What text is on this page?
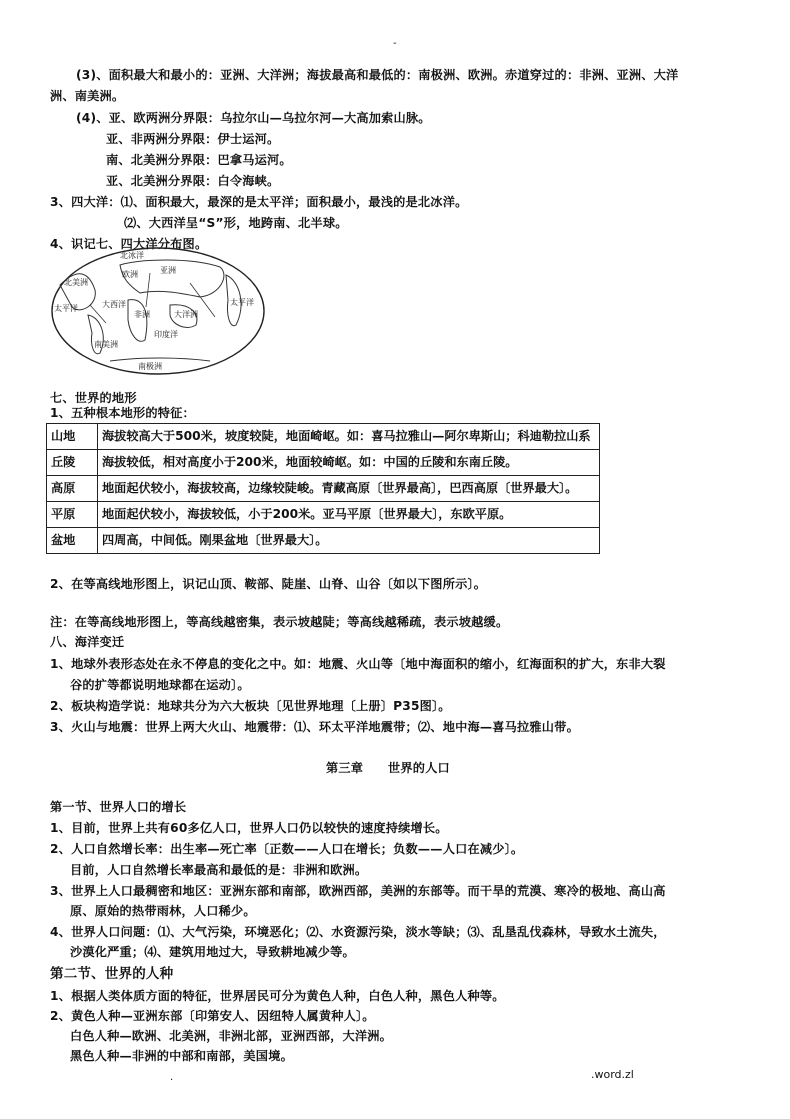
-
(3)、面积最大和最小的：亚洲、大洋洲；海拔最高和最低的：南极洲、欧洲。赤道穿过的：非洲、亚洲、大洋
洲、南美洲。
(4)、亚、欧两洲分界限：乌拉尔山—乌拉尔河—大高加索山脉。
亚、非两洲分界限：伊士运河。
南、北美洲分界限：巴拿马运河。
亚、北美洲分界限：白令海峡。
3、四大洋：⑴、面积最大，最深的是太平洋；面积最小，最浅的是北冰洋。
⑵、大西洋呈“S”形，地跨南、北半球。
4、识记七、四大洋分布图。
北冰洋
亚洲
欧洲
北美洲
南美洲
非洲	大洋洲
太平洋
太平洋
大西洋
印度洋
南极洲
七、世界的地形
1、五种根本地形的特征：
山地	海拔较高大于500米，坡度较陡，地面崎岖。如：喜马拉雅山—阿尔卑斯山；科迪勒拉山系
丘陵	海拔较低，相对高度小于200米，地面较崎岖。如：中国的丘陵和东南丘陵。
高原	地面起伏较小，海拔较高，边缘较陡峻。青藏高原〔世界最高〕，巴西高原〔世界最大〕。
平原	地面起伏较小，海拔较低，小于200米。亚马平原〔世界最大〕，东欧平原。
盆地	四周高，中间低。刚果盆地〔世界最大〕。
2、在等高线地形图上，识记山顶、鞍部、陡崖、山脊、山谷〔如以下图所示〕。
注：在等高线地形图上，等高线越密集，表示坡越陡；等高线越稀疏，表示坡越缓。
八、海洋变迁
1、地球外表形态处在永不停息的变化之中。如：地震、火山等〔地中海面积的缩小，红海面积的扩大，东非大裂
谷的扩等都说明地球都在运动〕。
2、板块构造学说：地球共分为六大板块〔见世界地理〔上册〕P35图〕。
3、火山与地震：世界上两大火山、地震带：⑴、环太平洋地震带；⑵、地中海—喜马拉雅山带。
第三章　　世界的人口
第一节、世界人口的增长
1、目前，世界上共有60多亿人口，世界人口仍以较快的速度持续增长。
2、人口自然增长率：出生率—死亡率〔正数——人口在增长；负数——人口在减少〕。
目前，人口自然增长率最高和最低的是：非洲和欧洲。
3、世界上人口最稠密和地区：亚洲东部和南部，欧洲西部，美洲的东部等。而干旱的荒漠、寒冷的极地、高山高
原、原始的热带雨林，人口稀少。
4、世界人口问题：⑴、大气污染，环境恶化；⑵、水资源污染，淡水等缺；⑶、乱垦乱伐森林，导致水土流失，
沙漠化严重；⑷、建筑用地过大，导致耕地减少等。
第二节、世界的人种
1、根据人类体质方面的特征，世界居民可分为黄色人种，白色人种，黑色人种等。
2、黄色人种—亚洲东部〔印第安人、因纽特人属黄种人〕。
白色人种—欧洲、北美洲，非洲北部，亚洲西部，大洋洲。
黑色人种—非洲的中部和南部，美国境。
.	.word.zl
